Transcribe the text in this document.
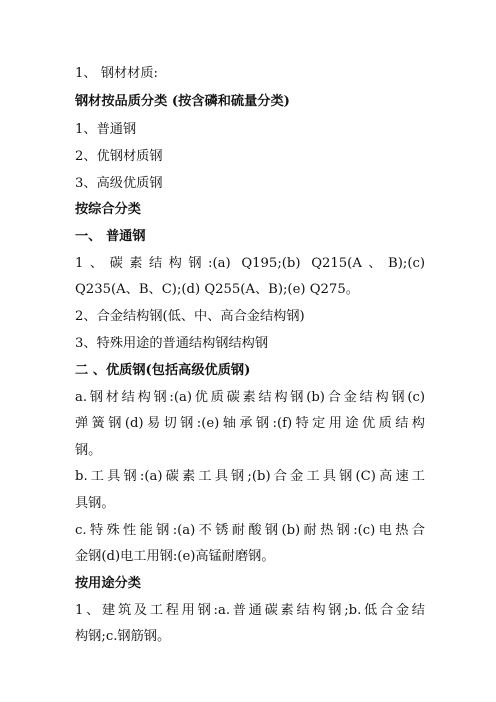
1、 钢材材质:
钢材按品质分类 (按含磷和硫量分类)
1、普通钢
2、优钢材质钢
3、高级优质钢
按综合分类
一、 普通钢
1、碳素结构钢:(a) Q195;(b) Q215(A、B);(c)
Q235(A、B、C);(d) Q255(A、B);(e) Q275。
2、合金结构钢(低、中、高合金结构钢)
3、特殊用途的普通结构钢结构钢
二 、优质钢(包括高级优质钢)
a.钢材结构钢:(a)优质碳素结构钢(b)合金结构钢(c)
弹簧钢(d)易切钢:(e)轴承钢:(f)特定用途优质结构
钢。
b.工具钢:(a)碳素工具钢;(b)合金工具钢(C)高速工
具钢。
c.特殊性能钢:(a)不锈耐酸钢(b)耐热钢:(c)电热合
金钢(d)电工用钢:(e)高锰耐磨钢。
按用途分类
1、建筑及工程用钢:a.普通碳素结构钢;b.低合金结
构钢;c.钢筋钢。
